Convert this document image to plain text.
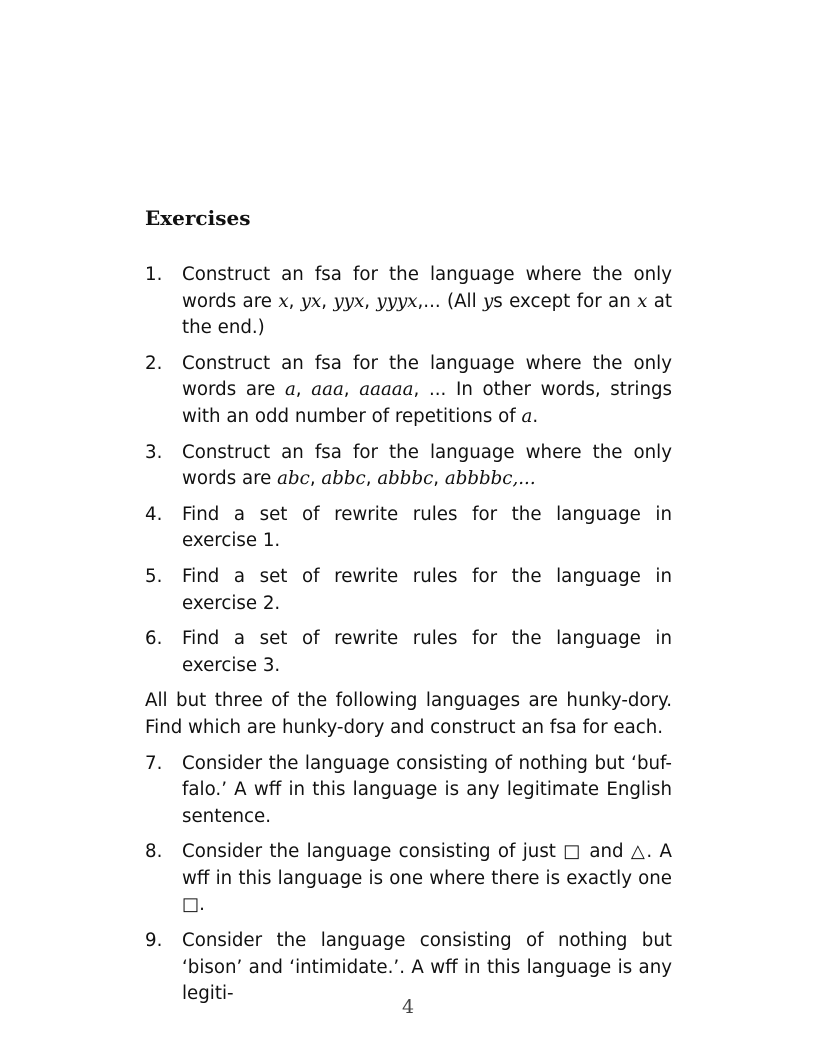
Exercises
1.	Construct an fsa for the language where the only words are x, yx, yyx, yyyx,... (All ys except for an x at the end.)
2.	Construct an fsa for the language where the only words are a, aaa, aaaaa, ... In other words, strings with an odd number of repetitions of a.
3.	Construct an fsa for the language where the only words are abc, abbc, abbbc, abbbbc,...
4.	Find a set of rewrite rules for the language in exercise 1.
5.	Find a set of rewrite rules for the language in exercise 2.
6.	Find a set of rewrite rules for the language in exercise 3.

All but three of the following languages are hunky-dory. Find which are hunky-dory and construct an fsa for each.

7.	Consider the language consisting of nothing but ‘buf-falo.’ A wff in this language is any legitimate English sentence.
8.	Consider the language consisting of just □ and △. A wff in this language is one where there is exactly one □.
9.	Consider the language consisting of nothing but ‘bison’ and ‘intimidate.’. A wff in this language is any legiti-
4
